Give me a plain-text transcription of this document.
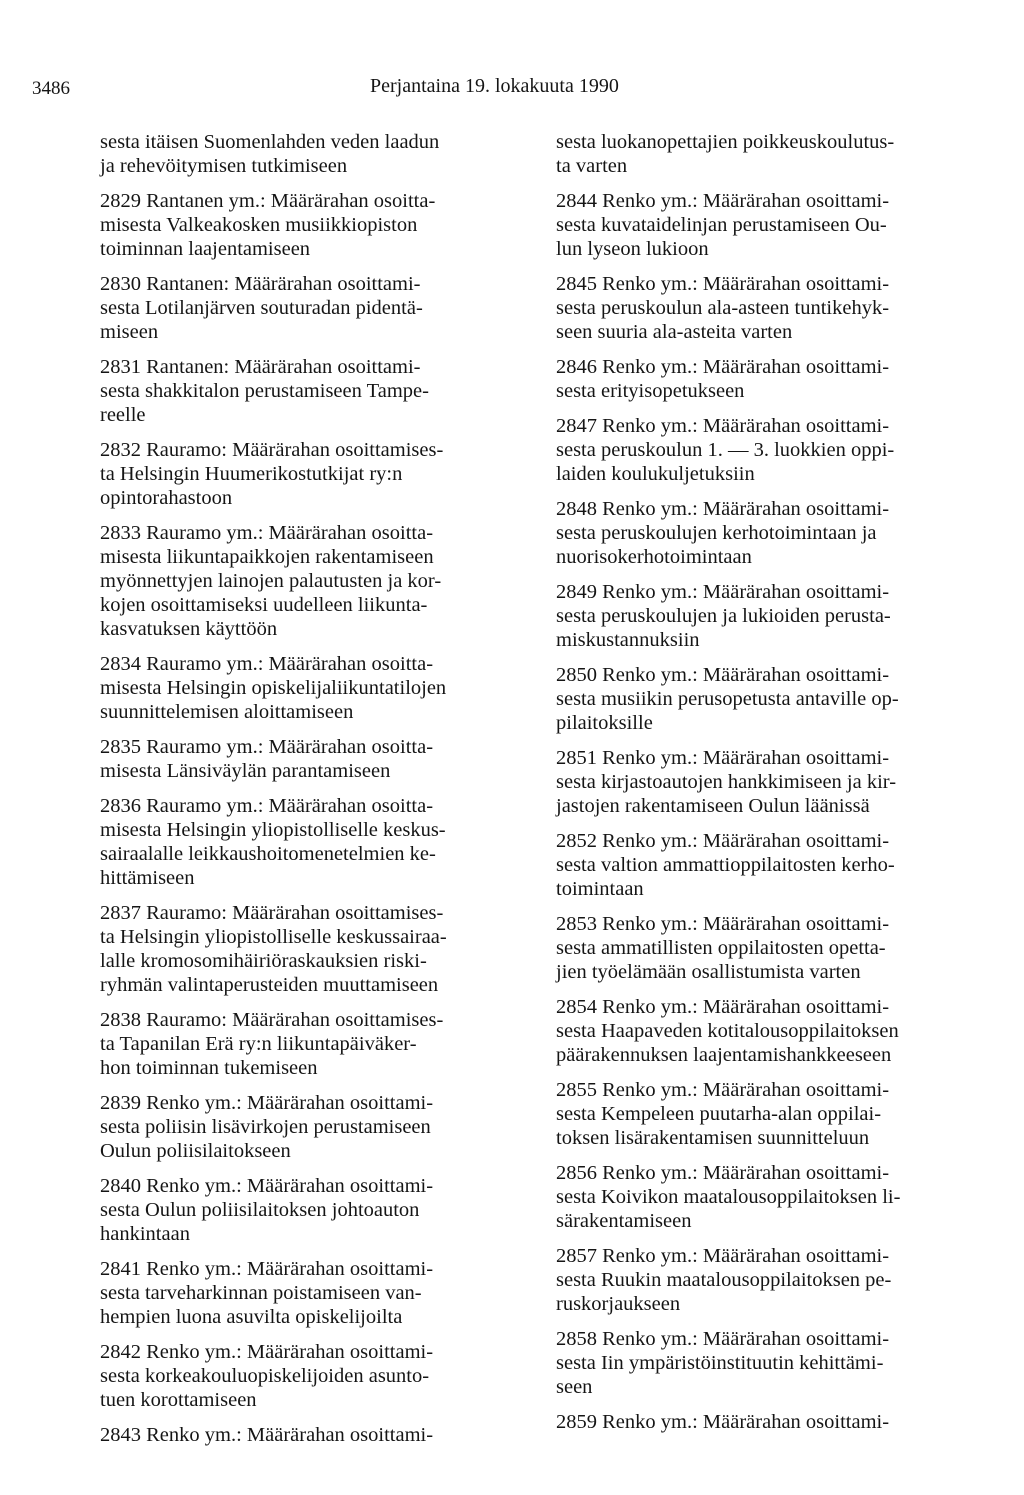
3486	Perjantaina 19. lokakuuta 1990

sesta itäisen Suomenlahden veden laadun
ja rehevöitymisen tutkimiseen

2829 Rantanen ym.: Määrärahan osoitta-
misesta Valkeakosken musiikkiopiston
toiminnan laajentamiseen

2830 Rantanen: Määrärahan osoittami-
sesta Lotilanjärven souturadan pidentä-
miseen

2831 Rantanen: Määrärahan osoittami-
sesta shakkitalon perustamiseen Tampe-
reelle

2832 Rauramo: Määrärahan osoittamises-
ta Helsingin Huumerikostutkijat ry:n
opintorahastoon

2833 Rauramo ym.: Määrärahan osoitta-
misesta liikuntapaikkojen rakentamiseen
myönnettyjen lainojen palautusten ja kor-
kojen osoittamiseksi uudelleen liikunta-
kasvatuksen käyttöön

2834 Rauramo ym.: Määrärahan osoitta-
misesta Helsingin opiskelijaliikuntatilojen
suunnittelemisen aloittamiseen

2835 Rauramo ym.: Määrärahan osoitta-
misesta Länsiväylän parantamiseen

2836 Rauramo ym.: Määrärahan osoitta-
misesta Helsingin yliopistolliselle keskus-
sairaalalle leikkaushoitomenetelmien ke-
hittämiseen

2837 Rauramo: Määrärahan osoittamises-
ta Helsingin yliopistolliselle keskussairaa-
lalle kromosomihäiriöraskauksien riski-
ryhmän valintaperusteiden muuttamiseen

2838 Rauramo: Määrärahan osoittamises-
ta Tapanilan Erä ry:n liikuntapäiväker-
hon toiminnan tukemiseen

2839 Renko ym.: Määrärahan osoittami-
sesta poliisin lisävirkojen perustamiseen
Oulun poliisilaitokseen

2840 Renko ym.: Määrärahan osoittami-
sesta Oulun poliisilaitoksen johtoauton
hankintaan

2841 Renko ym.: Määrärahan osoittami-
sesta tarveharkinnan poistamiseen van-
hempien luona asuvilta opiskelijoilta

2842 Renko ym.: Määrärahan osoittami-
sesta korkeakouluopiskelijoiden asunto-
tuen korottamiseen

2843 Renko ym.: Määrärahan osoittami-

sesta luokanopettajien poikkeuskoulutus-
ta varten

2844 Renko ym.: Määrärahan osoittami-
sesta kuvataidelinjan perustamiseen Ou-
lun lyseon lukioon

2845 Renko ym.: Määrärahan osoittami-
sesta peruskoulun ala-asteen tuntikehyk-
seen suuria ala-asteita varten

2846 Renko ym.: Määrärahan osoittami-
sesta erityisopetukseen

2847 Renko ym.: Määrärahan osoittami-
sesta peruskoulun 1. — 3. luokkien oppi-
laiden koulukuljetuksiin

2848 Renko ym.: Määrärahan osoittami-
sesta peruskoulujen kerhotoimintaan ja
nuorisokerhotoimintaan

2849 Renko ym.: Määrärahan osoittami-
sesta peruskoulujen ja lukioiden perusta-
miskustannuksiin

2850 Renko ym.: Määrärahan osoittami-
sesta musiikin perusopetusta antaville op-
pilaitoksille

2851 Renko ym.: Määrärahan osoittami-
sesta kirjastoautojen hankkimiseen ja kir-
jastojen rakentamiseen Oulun läänissä

2852 Renko ym.: Määrärahan osoittami-
sesta valtion ammattioppilaitosten kerho-
toimintaan

2853 Renko ym.: Määrärahan osoittami-
sesta ammatillisten oppilaitosten opetta-
jien työelämään osallistumista varten

2854 Renko ym.: Määrärahan osoittami-
sesta Haapaveden kotitalousoppilaitoksen
päärakennuksen laajentamishankkeeseen

2855 Renko ym.: Määrärahan osoittami-
sesta Kempeleen puutarha-alan oppilai-
toksen lisärakentamisen suunnitteluun

2856 Renko ym.: Määrärahan osoittami-
sesta Koivikon maatalousoppilaitoksen li-
särakentamiseen

2857 Renko ym.: Määrärahan osoittami-
sesta Ruukin maatalousoppilaitoksen pe-
ruskorjaukseen

2858 Renko ym.: Määrärahan osoittami-
sesta Iin ympäristöinstituutin kehittämi-
seen

2859 Renko ym.: Määrärahan osoittami-
